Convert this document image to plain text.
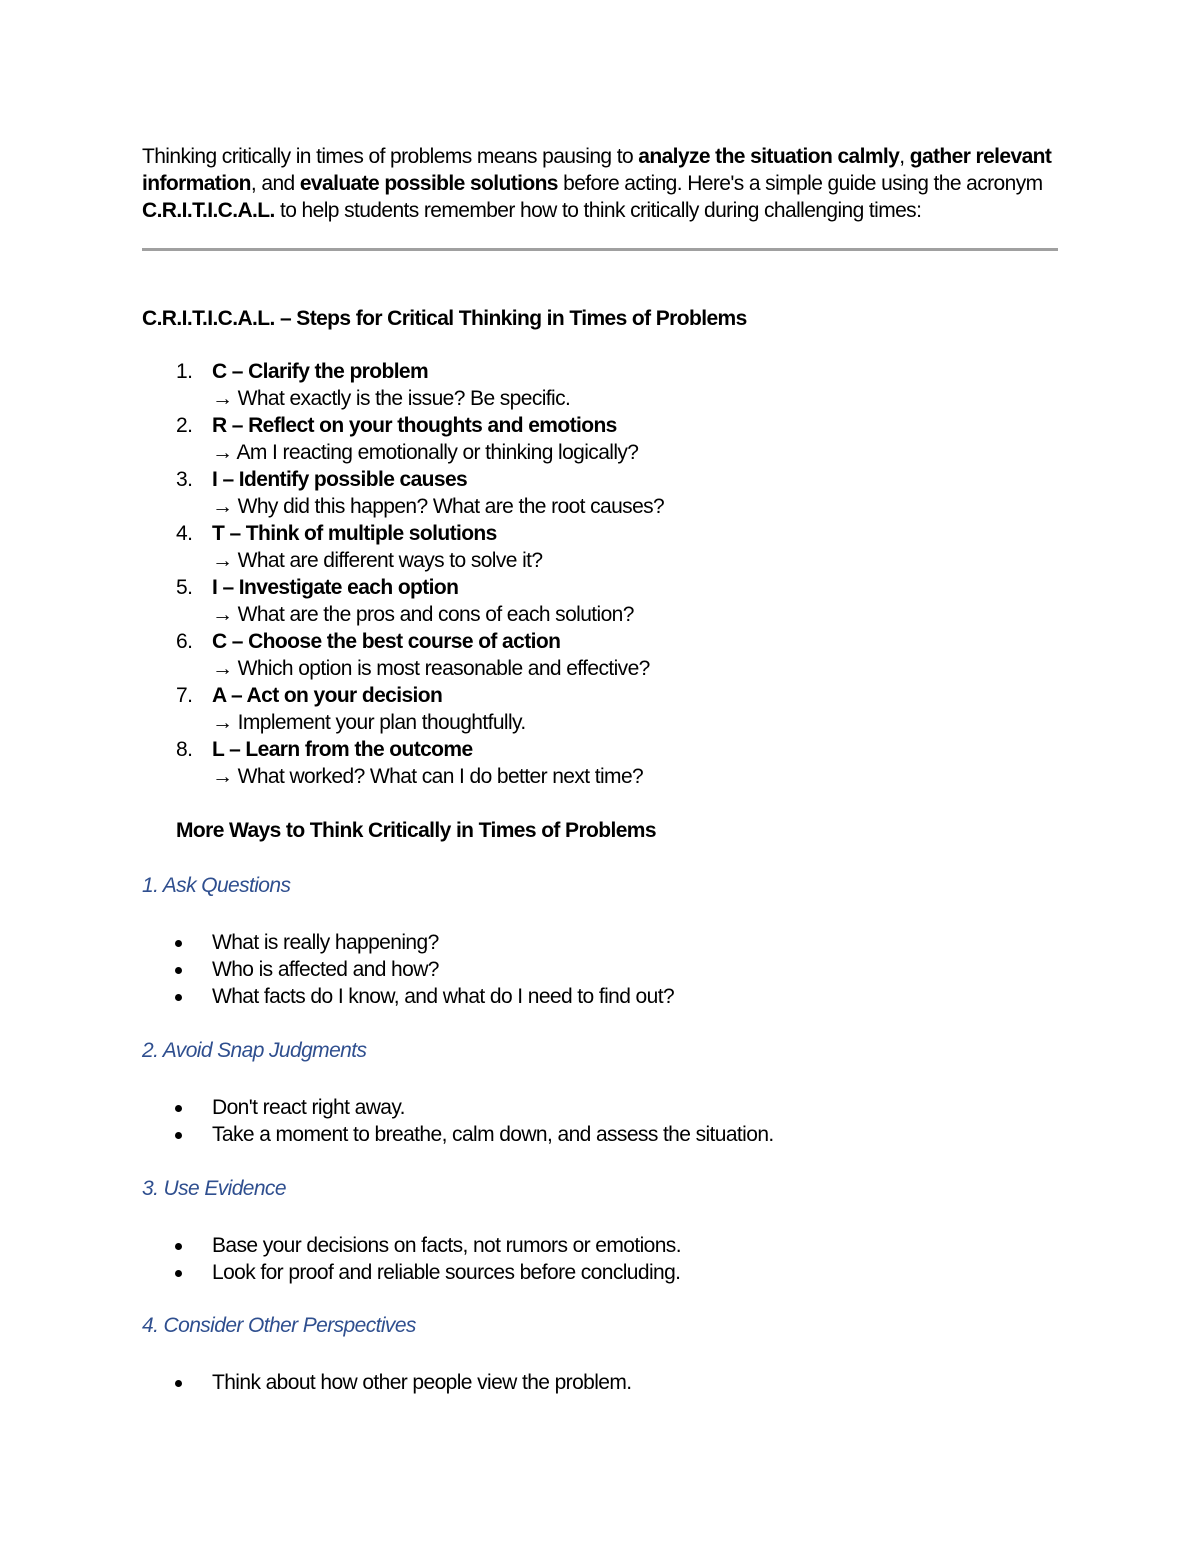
Thinking critically in times of problems means pausing to analyze the situation calmly, gather relevant information, and evaluate possible solutions before acting. Here's a simple guide using the acronym C.R.I.T.I.C.A.L. to help students remember how to think critically during challenging times:
C.R.I.T.I.C.A.L. – Steps for Critical Thinking in Times of Problems
1. C – Clarify the problem
→ What exactly is the issue? Be specific.
2. R – Reflect on your thoughts and emotions
→ Am I reacting emotionally or thinking logically?
3. I – Identify possible causes
→ Why did this happen? What are the root causes?
4. T – Think of multiple solutions
→ What are different ways to solve it?
5. I – Investigate each option
→ What are the pros and cons of each solution?
6. C – Choose the best course of action
→ Which option is most reasonable and effective?
7. A – Act on your decision
→ Implement your plan thoughtfully.
8. L – Learn from the outcome
→ What worked? What can I do better next time?
More Ways to Think Critically in Times of Problems
1. Ask Questions
What is really happening?
Who is affected and how?
What facts do I know, and what do I need to find out?
2. Avoid Snap Judgments
Don't react right away.
Take a moment to breathe, calm down, and assess the situation.
3. Use Evidence
Base your decisions on facts, not rumors or emotions.
Look for proof and reliable sources before concluding.
4. Consider Other Perspectives
Think about how other people view the problem.
